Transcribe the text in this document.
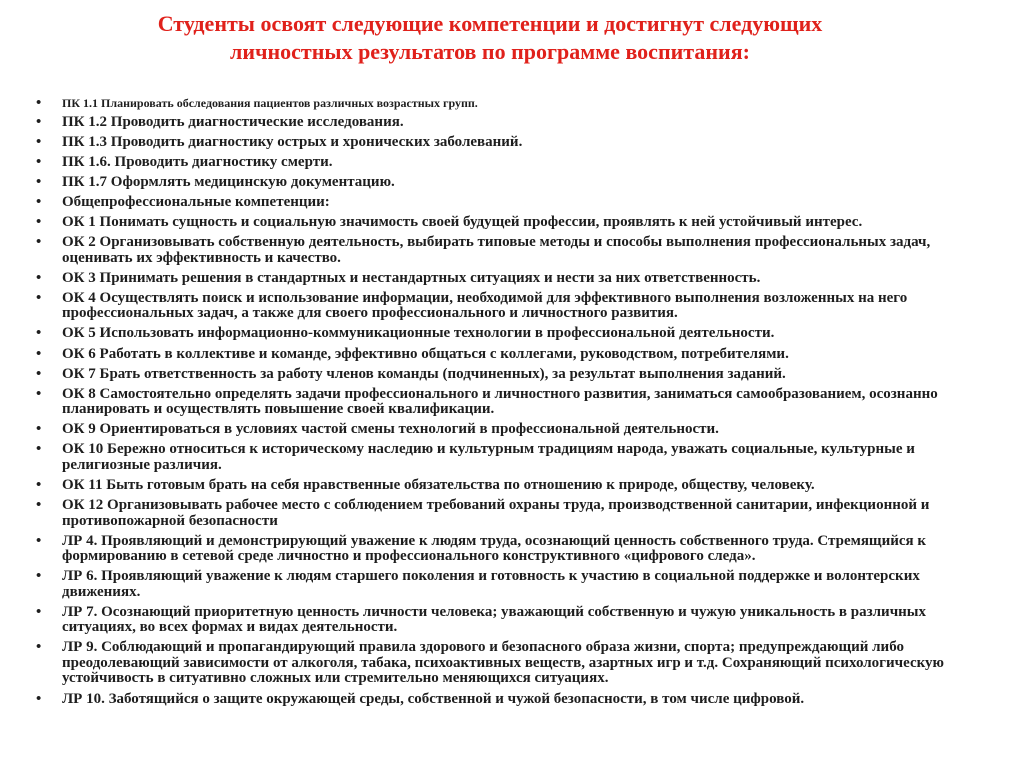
Студенты освоят следующие компетенции и достигнут следующих
личностных результатов по программе воспитания:
• ПК 1.1 Планировать обследования пациентов различных возрастных групп.
• ПК 1.2 Проводить диагностические исследования.
• ПК 1.3 Проводить диагностику острых и хронических заболеваний.
• ПК 1.6. Проводить диагностику смерти.
• ПК 1.7 Оформлять медицинскую документацию.
• Общепрофессиональные компетенции:
• ОК 1 Понимать сущность и социальную значимость своей будущей профессии, проявлять к ней устойчивый интерес.
• ОК 2 Организовывать собственную деятельность, выбирать типовые методы и способы выполнения профессиональных задач, оценивать их эффективность и качество.
• ОК 3 Принимать решения в стандартных и нестандартных ситуациях и нести за них ответственность.
• ОК 4 Осуществлять поиск и использование информации, необходимой для эффективного выполнения возложенных на него профессиональных задач, а также для своего профессионального и личностного развития.
• ОК 5 Использовать информационно-коммуникационные технологии в профессиональной деятельности.
• ОК 6 Работать в коллективе и команде, эффективно общаться с коллегами, руководством, потребителями.
• ОК 7 Брать ответственность за работу членов команды (подчиненных), за результат выполнения заданий.
• ОК 8 Самостоятельно определять задачи профессионального и личностного развития, заниматься самообразованием, осознанно планировать и осуществлять повышение своей квалификации.
• ОК 9 Ориентироваться в условиях частой смены технологий в профессиональной деятельности.
• ОК 10 Бережно относиться к историческому наследию и культурным традициям народа, уважать социальные, культурные и религиозные различия.
• ОК 11 Быть готовым брать на себя нравственные обязательства по отношению к природе, обществу, человеку.
• ОК 12 Организовывать рабочее место с соблюдением требований охраны труда, производственной санитарии, инфекционной и противопожарной безопасности
• ЛР 4. Проявляющий и демонстрирующий уважение к людям труда, осознающий ценность собственного труда. Стремящийся к формированию в сетевой среде личностно и профессионального конструктивного «цифрового следа».
• ЛР 6. Проявляющий уважение к людям старшего поколения и готовность к участию в социальной поддержке и волонтерских движениях.
• ЛР 7. Осознающий приоритетную ценность личности человека; уважающий собственную и чужую уникальность в различных ситуациях, во всех формах и видах деятельности.
• ЛР 9. Соблюдающий и пропагандирующий правила здорового и безопасного образа жизни, спорта; предупреждающий либо преодолевающий зависимости от алкоголя, табака, психоактивных веществ, азартных игр и т.д. Сохраняющий психологическую устойчивость в ситуативно сложных или стремительно меняющихся ситуациях.
• ЛР 10. Заботящийся о защите окружающей среды, собственной и чужой безопасности, в том числе цифровой.
